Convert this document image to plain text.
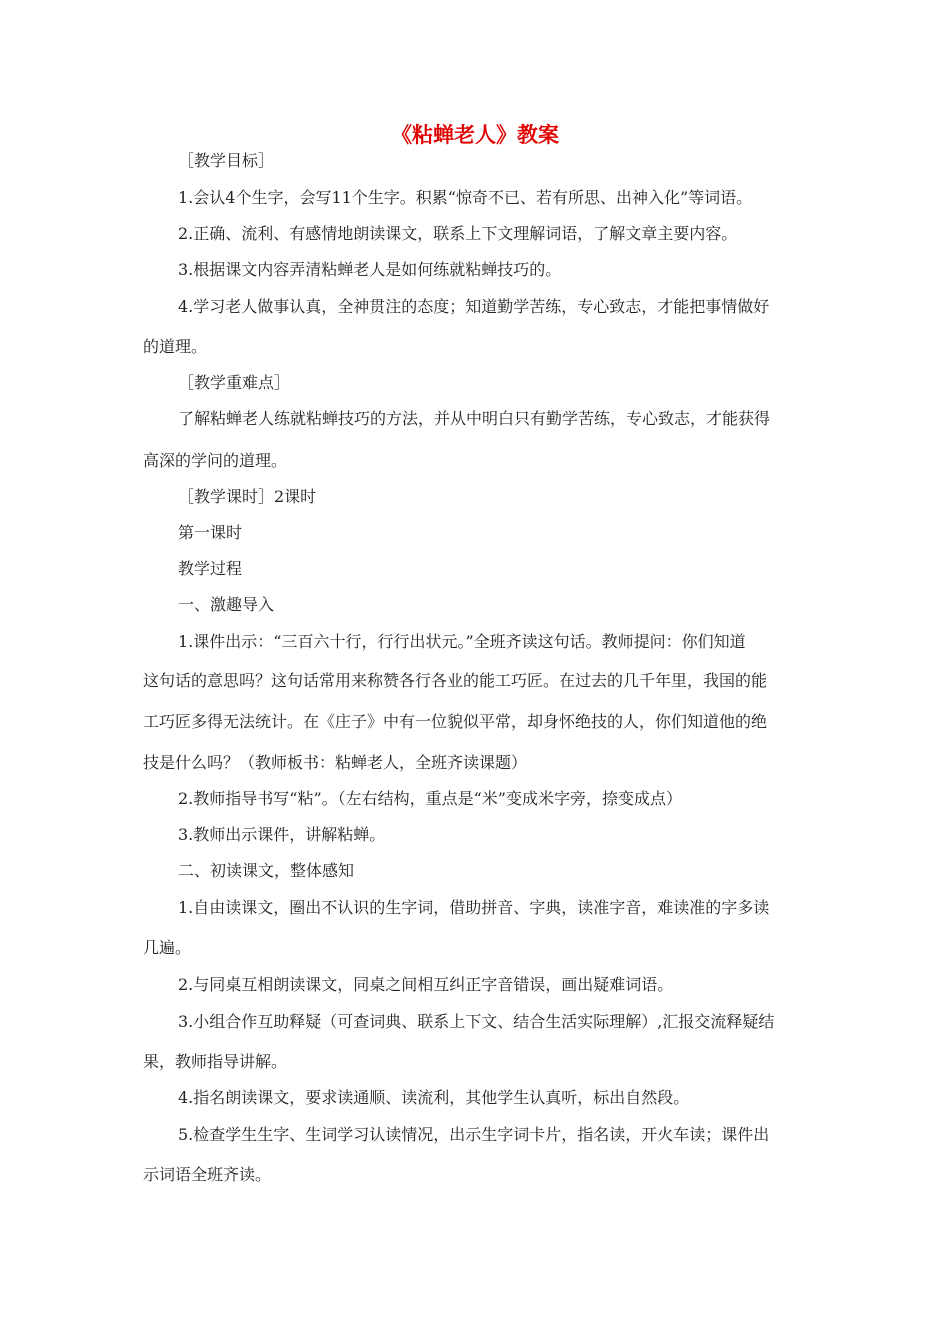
《粘蝉老人》教案
［教学目标］
1.会认4个生字，会写11个生字。积累“惊奇不已、若有所思、出神入化”等词语。
2.正确、流利、有感情地朗读课文，联系上下文理解词语，了解文章主要内容。
3.根据课文内容弄清粘蝉老人是如何练就粘蝉技巧的。
4.学习老人做事认真，全神贯注的态度；知道勤学苦练，专心致志，才能把事情做好
的道理。
［教学重难点］
了解粘蝉老人练就粘蝉技巧的方法，并从中明白只有勤学苦练，专心致志，才能获得
高深的学问的道理。
［教学课时］2课时
第一课时
教学过程
一、激趣导入
1.课件出示：“三百六十行，行行出状元。”全班齐读这句话。教师提问：你们知道
这句话的意思吗？这句话常用来称赞各行各业的能工巧匠。在过去的几千年里，我国的能
工巧匠多得无法统计。在《庄子》中有一位貌似平常，却身怀绝技的人，你们知道他的绝
技是什么吗？（教师板书：粘蝉老人，全班齐读课题）
2.教师指导书写“粘”。（左右结构，重点是“米”变成米字旁，捺变成点）
3.教师出示课件，讲解粘蝉。
二、初读课文，整体感知
1.自由读课文，圈出不认识的生字词，借助拼音、字典，读准字音，难读准的字多读
几遍。
2.与同桌互相朗读课文，同桌之间相互纠正字音错误，画出疑难词语。
3.小组合作互助释疑（可查词典、联系上下文、结合生活实际理解）,汇报交流释疑结
果，教师指导讲解。
4.指名朗读课文，要求读通顺、读流利，其他学生认真听，标出自然段。
5.检查学生生字、生词学习认读情况，出示生字词卡片，指名读，开火车读；课件出
示词语全班齐读。
